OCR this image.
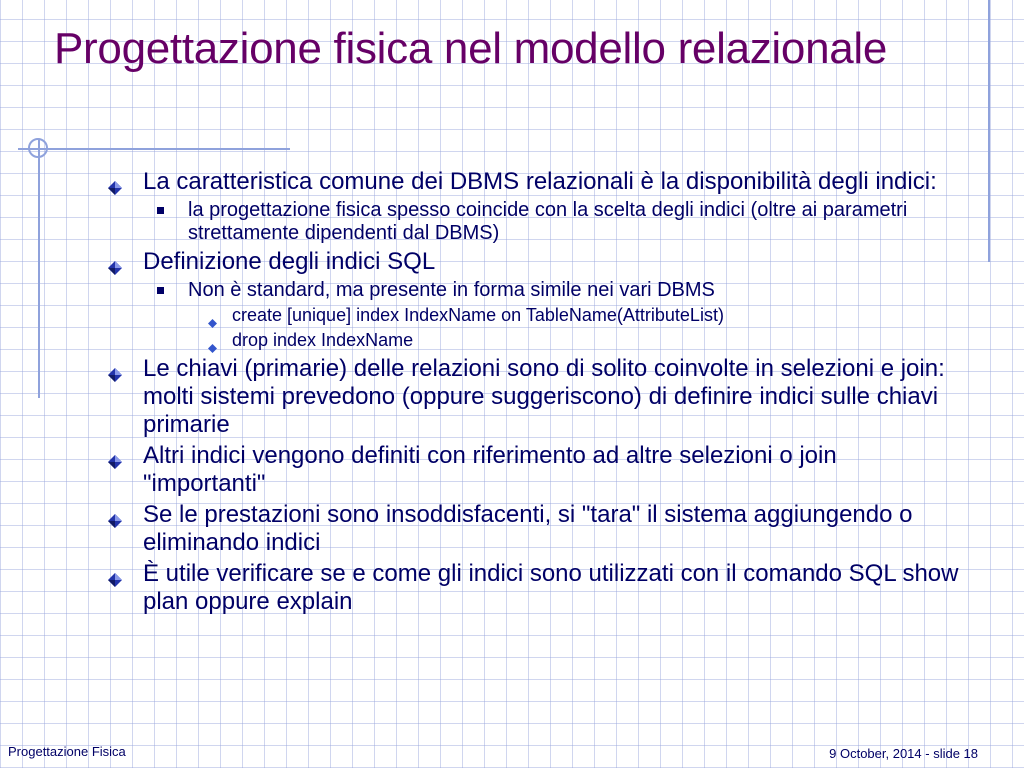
Progettazione fisica nel modello relazionale
La caratteristica comune dei DBMS relazionali è la disponibilità degli indici:
la progettazione fisica spesso coincide con la scelta degli indici (oltre ai parametri strettamente dipendenti dal DBMS)
Definizione degli indici SQL
Non è standard, ma presente in forma simile nei vari DBMS
create [unique] index IndexName on TableName(AttributeList)
drop index IndexName
Le chiavi (primarie) delle relazioni sono di solito coinvolte in selezioni e join: molti sistemi prevedono (oppure suggeriscono) di definire indici sulle chiavi primarie
Altri indici vengono definiti con riferimento ad altre selezioni o join "importanti"
Se le prestazioni sono insoddisfacenti, si "tara" il sistema aggiungendo o eliminando indici
È utile verificare se e come gli indici sono utilizzati con il comando SQL show plan oppure explain
Progettazione Fisica	9 October, 2014 - slide 18
